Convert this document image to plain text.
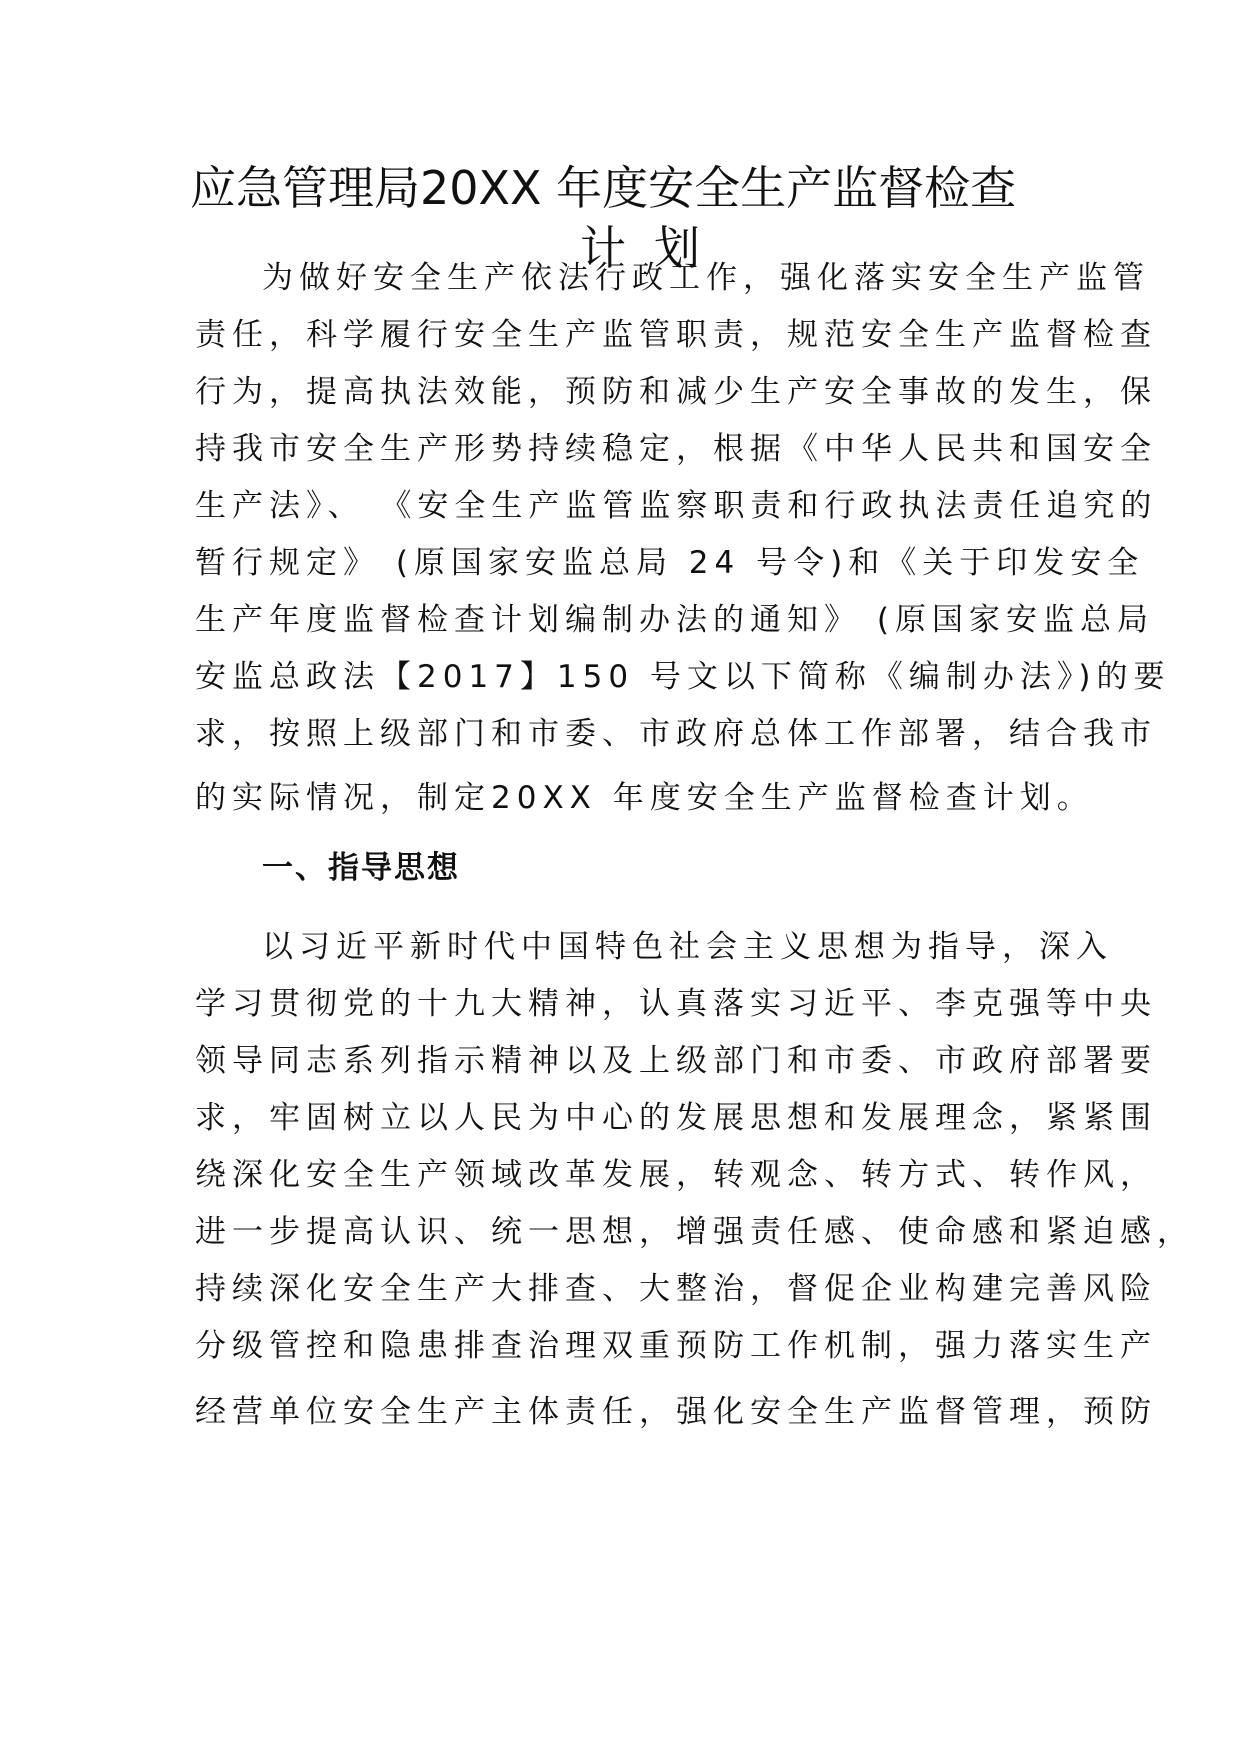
应急管理局20XX 年度安全生产监督检查
计划
为做好安全生产依法行政工作，强化落实安全生产监管
责任，科学履行安全生产监管职责，规范安全生产监督检查
行为，提高执法效能，预防和减少生产安全事故的发生，保
持我市安全生产形势持续稳定，根据《中华人民共和国安全
生产法》、 《安全生产监管监察职责和行政执法责任追究的
暂行规定》 (原国家安监总局 24 号令)和《关于印发安全
生产年度监督检查计划编制办法的通知》 (原国家安监总局
安监总政法【2017】150 号文以下简称《编制办法》)的要
求，按照上级部门和市委、市政府总体工作部署，结合我市
的实际情况，制定20XX 年度安全生产监督检查计划。
一、指导思想
以习近平新时代中国特色社会主义思想为指导，深入
学习贯彻党的十九大精神，认真落实习近平、李克强等中央
领导同志系列指示精神以及上级部门和市委、市政府部署要
求，牢固树立以人民为中心的发展思想和发展理念，紧紧围
绕深化安全生产领域改革发展，转观念、转方式、转作风，
进一步提高认识、统一思想，增强责任感、使命感和紧迫感，
持续深化安全生产大排查、大整治，督促企业构建完善风险
分级管控和隐患排查治理双重预防工作机制，强力落实生产
经营单位安全生产主体责任，强化安全生产监督管理，预防
